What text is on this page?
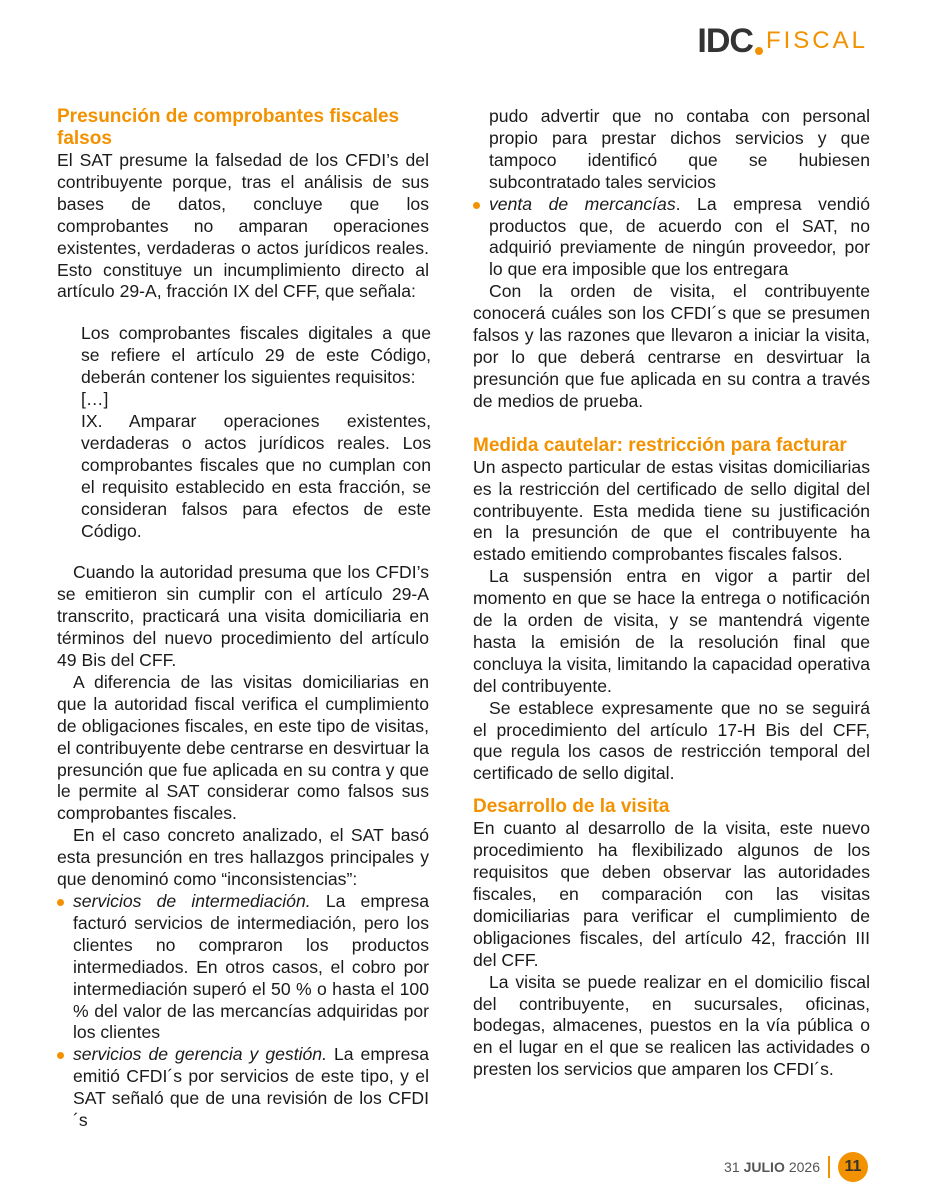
IDC FISCAL
Presunción de comprobantes fiscales falsos

El SAT presume la falsedad de los CFDI’s del contribuyente porque, tras el análisis de sus bases de datos, concluye que los comprobantes no amparan operaciones existentes, verdaderas o actos jurídicos reales. Esto constituye un incumplimiento directo al artículo 29-A, fracción IX del CFF, que señala:

Los comprobantes fiscales digitales a que se refiere el artículo 29 de este Código, deberán contener los siguientes requisitos:

[…]

IX. Amparar operaciones existentes, verdaderas o actos jurídicos reales. Los comprobantes fiscales que no cumplan con el requisito establecido en esta fracción, se consideran falsos para efectos de este Código.

Cuando la autoridad presuma que los CFDI’s se emitieron sin cumplir con el artículo 29-A transcrito, practicará una visita domiciliaria en términos del nuevo procedimiento del artículo 49 Bis del CFF.

A diferencia de las visitas domiciliarias en que la autoridad fiscal verifica el cumplimiento de obligaciones fiscales, en este tipo de visitas, el contribuyente debe centrarse en desvirtuar la presunción que fue aplicada en su contra y que le permite al SAT considerar como falsos sus comprobantes fiscales.

En el caso concreto analizado, el SAT basó esta presunción en tres hallazgos principales y que denominó como “inconsistencias”:

servicios de intermediación. La empresa facturó servicios de intermediación, pero los clientes no compraron los productos intermediados. En otros casos, el cobro por intermediación superó el 50 % o hasta el 100 % del valor de las mercancías adquiridas por los clientes
servicios de gerencia y gestión. La empresa emitió CFDI´s por servicios de este tipo, y el SAT señaló que de una revisión de los CFDI´s
pudo advertir que no contaba con personal propio para prestar dichos servicios y que tampoco identificó que se hubiesen subcontratado tales servicios
venta de mercancías. La empresa vendió productos que, de acuerdo con el SAT, no adquirió previamente de ningún proveedor, por lo que era imposible que los entregara

Con la orden de visita, el contribuyente conocerá cuáles son los CFDI´s que se presumen falsos y las razones que llevaron a iniciar la visita, por lo que deberá centrarse en desvirtuar la presunción que fue aplicada en su contra a través de medios de prueba.

Medida cautelar: restricción para facturar

Un aspecto particular de estas visitas domiciliarias es la restricción del certificado de sello digital del contribuyente. Esta medida tiene su justificación en la presunción de que el contribuyente ha estado emitiendo comprobantes fiscales falsos.

La suspensión entra en vigor a partir del momento en que se hace la entrega o notificación de la orden de visita, y se mantendrá vigente hasta la emisión de la resolución final que concluya la visita, limitando la capacidad operativa del contribuyente.

Se establece expresamente que no se seguirá el procedimiento del artículo 17-H Bis del CFF, que regula los casos de restricción temporal del certificado de sello digital.

Desarrollo de la visita

En cuanto al desarrollo de la visita, este nuevo procedimiento ha flexibilizado algunos de los requisitos que deben observar las autoridades fiscales, en comparación con las visitas domiciliarias para verificar el cumplimiento de obligaciones fiscales, del artículo 42, fracción III del CFF.

La visita se puede realizar en el domicilio fiscal del contribuyente, en sucursales, oficinas, bodegas, almacenes, puestos en la vía pública o en el lugar en el que se realicen las actividades o presten los servicios que amparen los CFDI´s.

31 JULIO 2026	11
